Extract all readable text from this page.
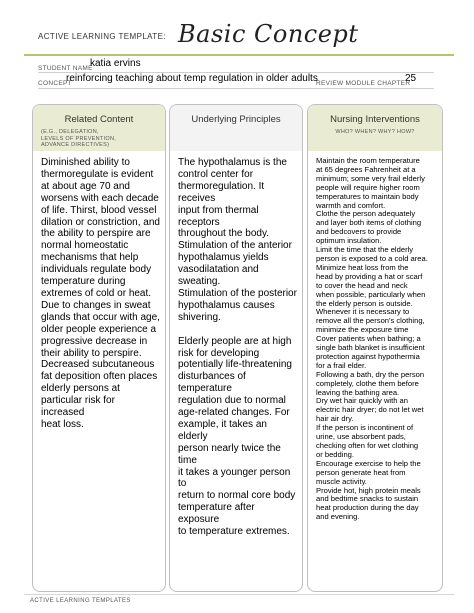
ACTIVE LEARNING TEMPLATE: Basic Concept
STUDENT NAME
katia ervins
CONCEPT
reinforcing teaching about temp regulation in older adults
REVIEW MODULE CHAPTER
25
Related Content
(E.G., DELEGATION,
LEVELS OF PREVENTION,
ADVANCE DIRECTIVES)
Diminished ability to
thermoregulate is evident
at about age 70 and
worsens with each decade
of life. Thirst, blood vessel
dilation or constriction, and
the ability to perspire are
normal homeostatic
mechanisms that help
individuals regulate body
temperature during
extremes of cold or heat.
Due to changes in sweat
glands that occur with age,
older people experience a
progressive decrease in
their ability to perspire.
Decreased subcutaneous
fat deposition often places
elderly persons at
particular risk for increased
heat loss.
Underlying Principles
The hypothalamus is the
control center for
thermoregulation. It receives
input from thermal receptors
throughout the body.
Stimulation of the anterior
hypothalamus yields
vasodilatation and sweating.
Stimulation of the posterior
hypothalamus causes
shivering.

Elderly people are at high
risk for developing
potentially life-threatening
disturbances of temperature
regulation due to normal
age-related changes. For
example, it takes an elderly
person nearly twice the time
it takes a younger person to
return to normal core body
temperature after exposure
to temperature extremes.
Nursing Interventions
WHO? WHEN? WHY? HOW?
Maintain the room temperature
at 65 degrees Fahrenheit at a
minimum; some very frail elderly
people will require higher room
temperatures to maintain body
warmth and comfort.
Clothe the person adequately
and layer both items of clothing
and bedcovers to provide
optimum insulation.
Limit the time that the elderly
person is exposed to a cold area.
Minimize heat loss from the
head by providing a hat or scarf
to cover the head and neck
when possible, particularly when
the elderly person is outside.
Whenever it is necessary to
remove all the person's clothing,
minimize the exposure time
Cover patients when bathing; a
single bath blanket is insufficient
protection against hypothermia
for a frail elder.
Following a bath, dry the person
completely, clothe them before
leaving the bathing area.
Dry wet hair quickly with an
electric hair dryer; do not let wet
hair air dry.
If the person is incontinent of
urine, use absorbent pads,
checking often for wet clothing
or bedding.
Encourage exercise to help the
person generate heat from
muscle activity.
Provide hot, high protein meals
and bedtime snacks to sustain
heat production during the day
and evening.
ACTIVE LEARNING TEMPLATES
